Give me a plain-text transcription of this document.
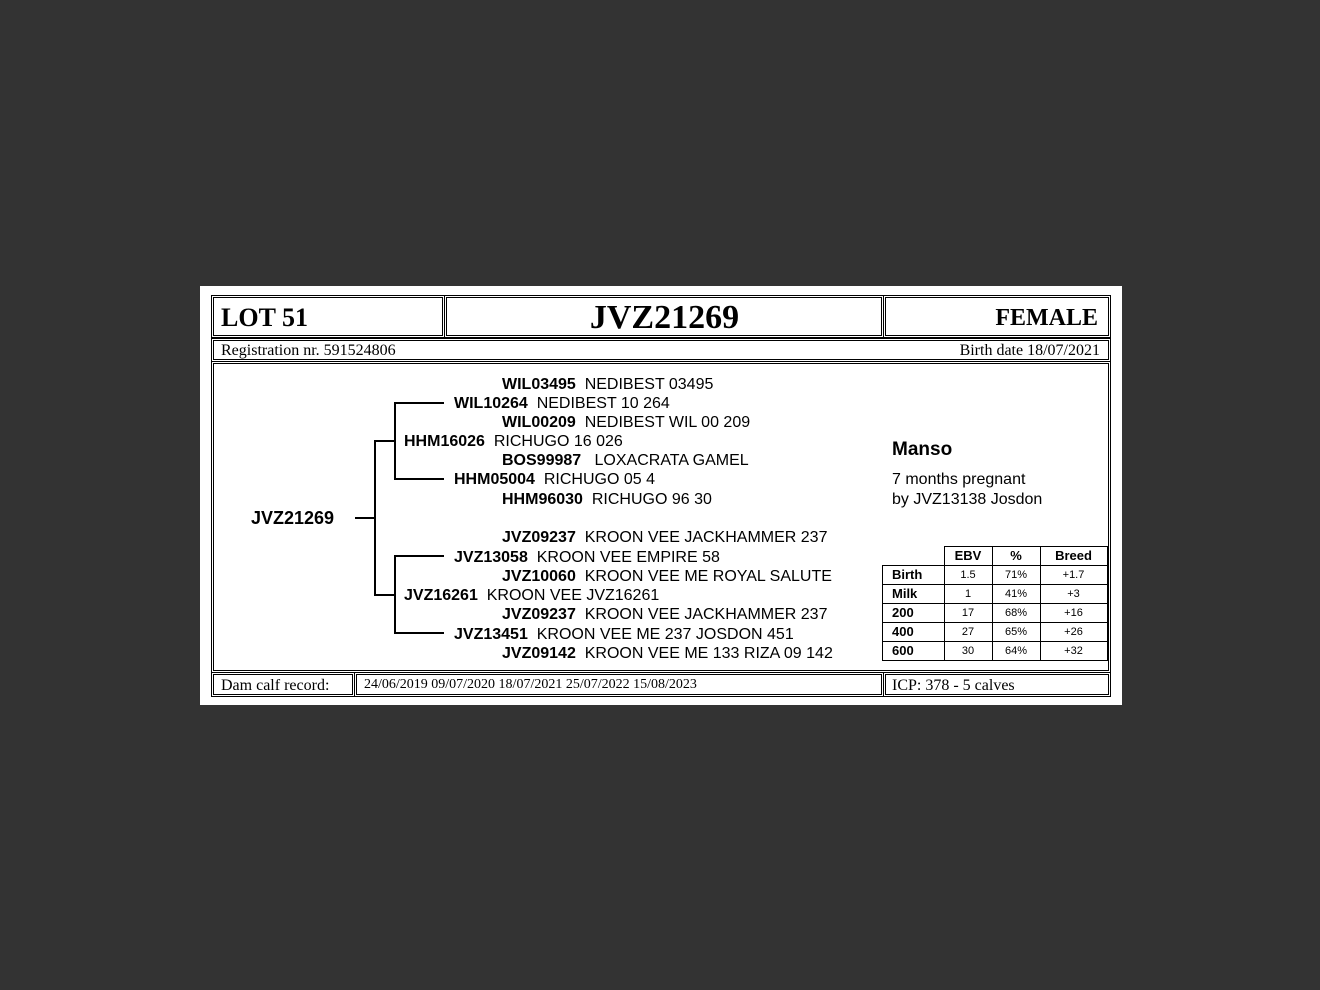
LOT 51	JVZ21269	FEMALE
Registration nr. 591524806	Birth date 18/07/2021
JVZ21269
WIL03495 NEDIBEST 03495
WIL10264 NEDIBEST 10 264
WIL00209 NEDIBEST WIL 00 209
HHM16026 RICHUGO 16 026
BOS99987 LOXACRATA GAMEL
HHM05004 RICHUGO 05 4
HHM96030 RICHUGO 96 30
JVZ09237 KROON VEE JACKHAMMER 237
JVZ13058 KROON VEE EMPIRE 58
JVZ10060 KROON VEE ME ROYAL SALUTE
JVZ16261 KROON VEE JVZ16261
JVZ09237 KROON VEE JACKHAMMER 237
JVZ13451 KROON VEE ME 237 JOSDON 451
JVZ09142 KROON VEE ME 133 RIZA 09 142
Manso
7 months pregnant
by JVZ13138 Josdon
	EBV	%	Breed
Birth	1.5	71%	+1.7
Milk	1	41%	+3
200	17	68%	+16
400	27	65%	+26
600	30	64%	+32
Dam calf record: 24/06/2019 09/07/2020 18/07/2021 25/07/2022 15/08/2023	ICP: 378 - 5 calves
